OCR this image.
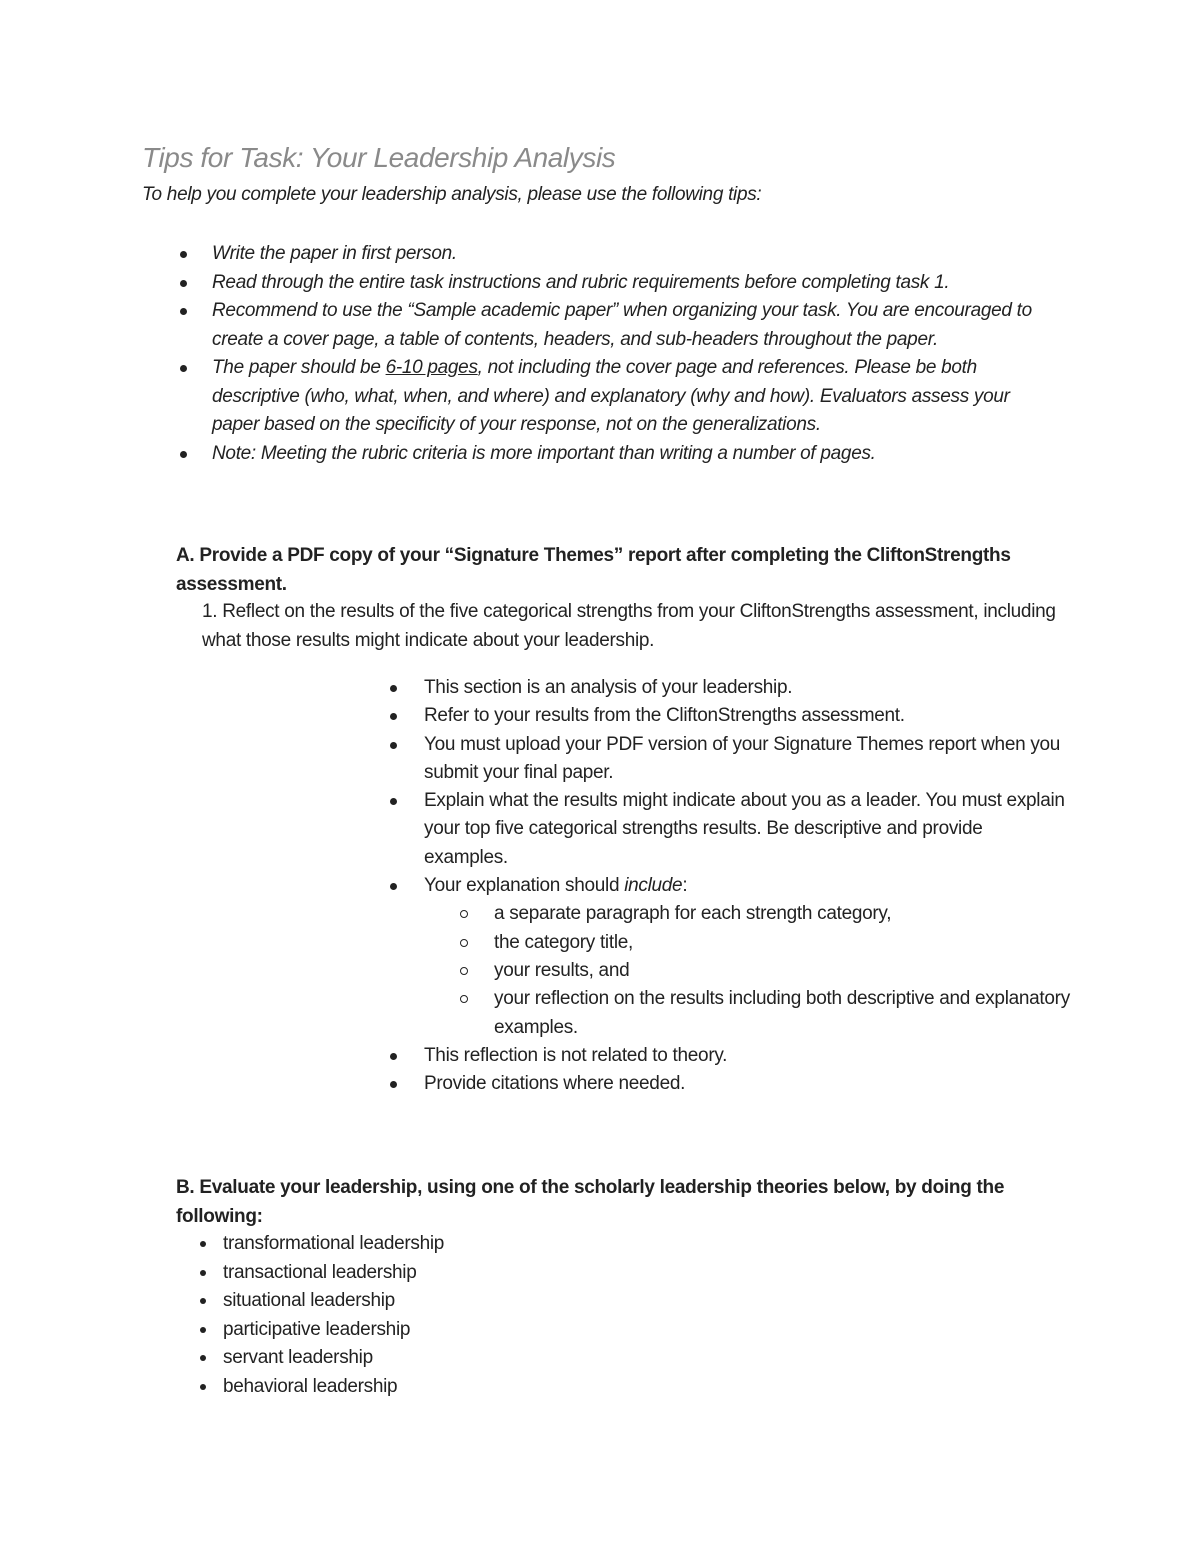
Tips for Task: Your Leadership Analysis

To help you complete your leadership analysis, please use the following tips:

Write the paper in first person.
Read through the entire task instructions and rubric requirements before completing task 1.
Recommend to use the “Sample academic paper” when organizing your task. You are encouraged to create a cover page, a table of contents, headers, and sub-headers throughout the paper.
The paper should be 6-10 pages, not including the cover page and references. Please be both descriptive (who, what, when, and where) and explanatory (why and how). Evaluators assess your paper based on the specificity of your response, not on the generalizations.
Note: Meeting the rubric criteria is more important than writing a number of pages.

A. Provide a PDF copy of your “Signature Themes” report after completing the CliftonStrengths assessment.

1. Reflect on the results of the five categorical strengths from your CliftonStrengths assessment, including what those results might indicate about your leadership.

This section is an analysis of your leadership.
Refer to your results from the CliftonStrengths assessment.
You must upload your PDF version of your Signature Themes report when you submit your final paper.
Explain what the results might indicate about you as a leader. You must explain your top five categorical strengths results. Be descriptive and provide examples.
Your explanation should include:
a separate paragraph for each strength category,
the category title,
your results, and
your reflection on the results including both descriptive and explanatory examples.
This reflection is not related to theory.
Provide citations where needed.

B. Evaluate your leadership, using one of the scholarly leadership theories below, by doing the following:

transformational leadership
transactional leadership
situational leadership
participative leadership
servant leadership
behavioral leadership
